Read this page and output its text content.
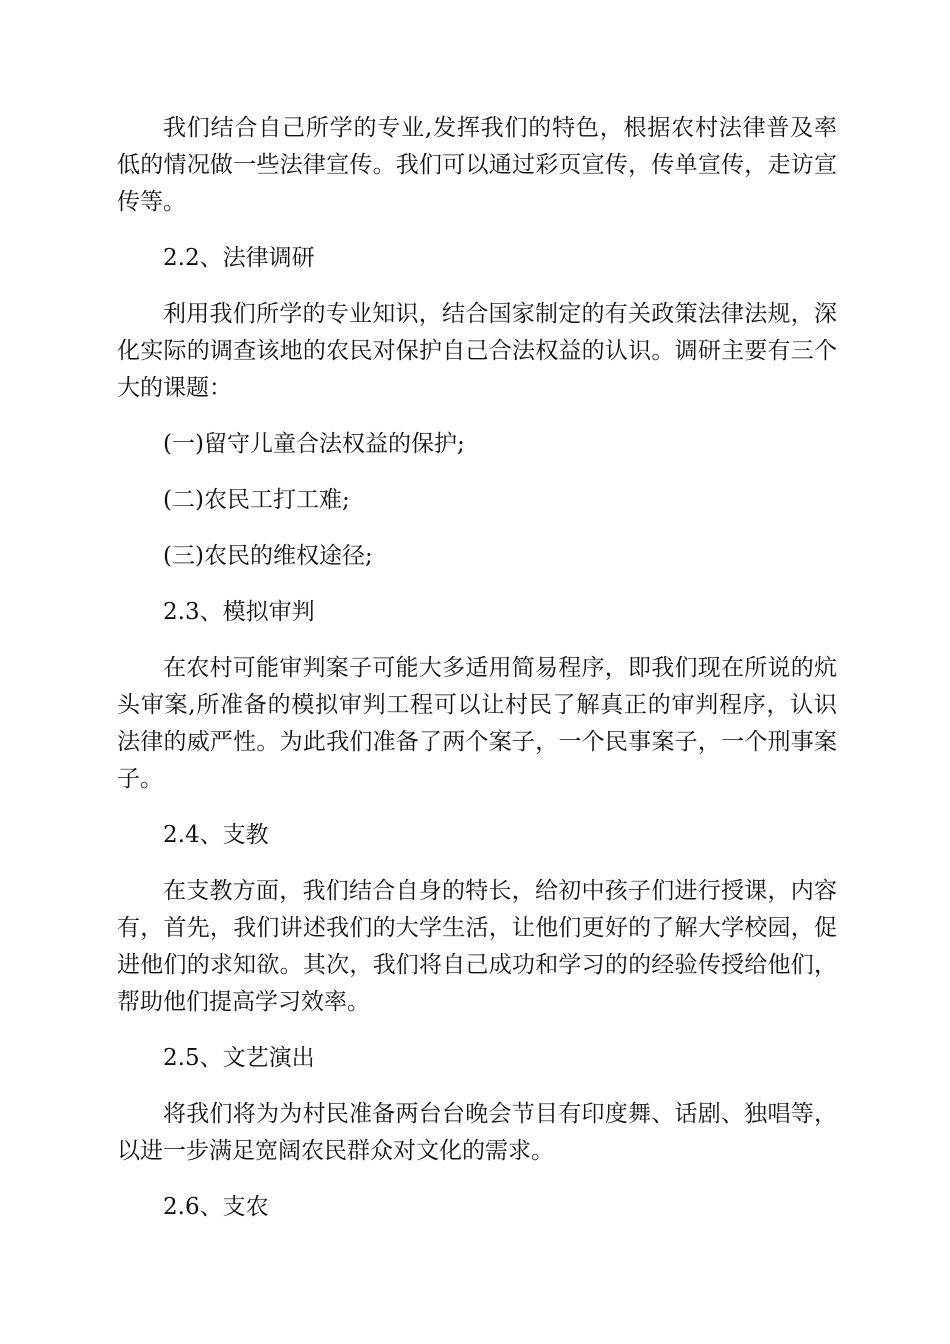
我们结合自己所学的专业,发挥我们的特色，根据农村法律普及率低的情况做一些法律宣传。我们可以通过彩页宣传，传单宣传，走访宣传等。

2.2、法律调研

利用我们所学的专业知识，结合国家制定的有关政策法律法规，深化实际的调查该地的农民对保护自己合法权益的认识。调研主要有三个大的课题：

(一)留守儿童合法权益的保护;

(二)农民工打工难;

(三)农民的维权途径;

2.3、模拟审判

在农村可能审判案子可能大多适用简易程序，即我们现在所说的炕头审案,所准备的模拟审判工程可以让村民了解真正的审判程序，认识法律的威严性。为此我们准备了两个案子，一个民事案子，一个刑事案子。

2.4、支教

在支教方面，我们结合自身的特长，给初中孩子们进行授课，内容有，首先，我们讲述我们的大学生活，让他们更好的了解大学校园，促进他们的求知欲。其次，我们将自己成功和学习的的经验传授给他们，帮助他们提高学习效率。

2.5、文艺演出

将我们将为为村民准备两台台晚会节目有印度舞、话剧、独唱等，以进一步满足宽阔农民群众对文化的需求。

2.6、支农
